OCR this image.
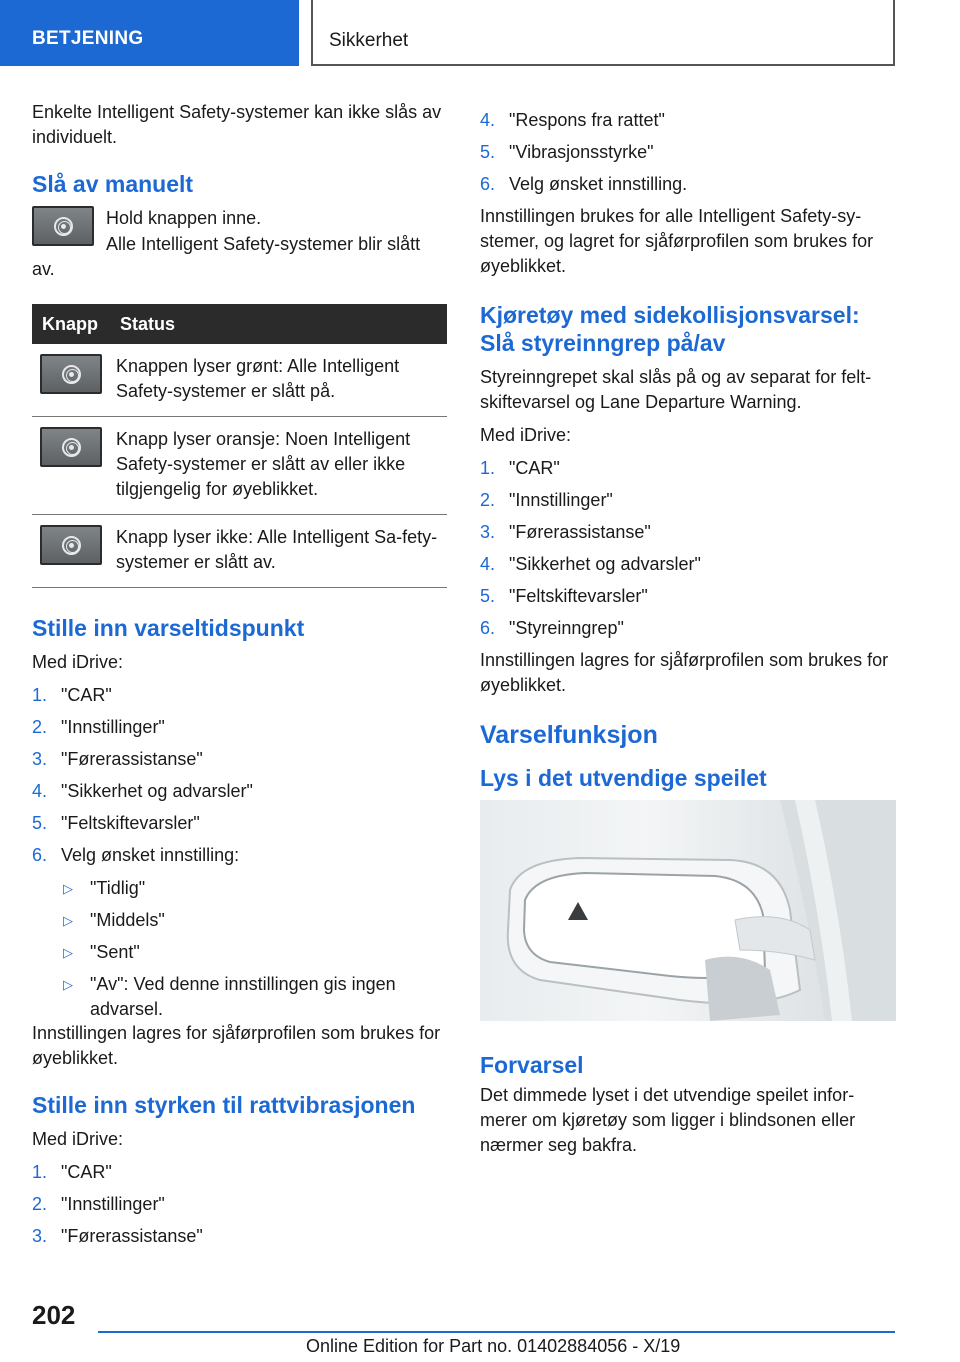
BETJENING	Sikkerhet

Enkelte Intelligent Safety-systemer kan ikke slås av individuelt.

Slå av manuelt

Hold knappen inne.

Alle Intelligent Safety-systemer blir slått av.

Knapp	Status

	Knappen lyser grønt: Alle Intelligent Safety-systemer er slått på.

	Knapp lyser oransje: Noen Intelligent Safety-systemer er slått av eller ikke tilgjengelig for øyeblikket.

	Knapp lyser ikke: Alle Intelligent Sa-fety-systemer er slått av.
Stille inn varseltidspunkt

Med iDrive:

1. "CAR"
2. "Innstillinger"
3. "Førerassistanse"
4. "Sikkerhet og advarsler"
5. "Feltskiftevarsler"
6. Velg ønsket innstilling:
▷ "Tidlig"
▷ "Middels"
▷ "Sent"
▷ "Av": Ved denne innstillingen gis ingen advarsel.

Innstillingen lagres for sjåførprofilen som brukes for øyeblikket.

Stille inn styrken til rattvibrasjonen

Med iDrive:

1. "CAR"
2. "Innstillinger"
3. "Førerassistanse"
4. "Respons fra rattet"
5. "Vibrasjonsstyrke"
6. Velg ønsket innstilling.

Innstillingen brukes for alle Intelligent Safety-sy-stemer, og lagret for sjåførprofilen som brukes for øyeblikket.

Kjøretøy med sidekollisjonsvarsel: Slå styreinngrep på/av

Styreinngrepet skal slås på og av separat for felt-skiftevarsel og Lane Departure Warning.

Med iDrive:

1. "CAR"
2. "Innstillinger"
3. "Førerassistanse"
4. "Sikkerhet og advarsler"
5. "Feltskiftevarsler"
6. "Styreinngrep"

Innstillingen lagres for sjåførprofilen som brukes for øyeblikket.

Varselfunksjon
Lys i det utvendige speilet
Forvarsel

Det dimmede lyset i det utvendige speilet infor-merer om kjøretøy som ligger i blindsonen eller nærmer seg bakfra.

202
Online Edition for Part no. 01402884056 - X/19
